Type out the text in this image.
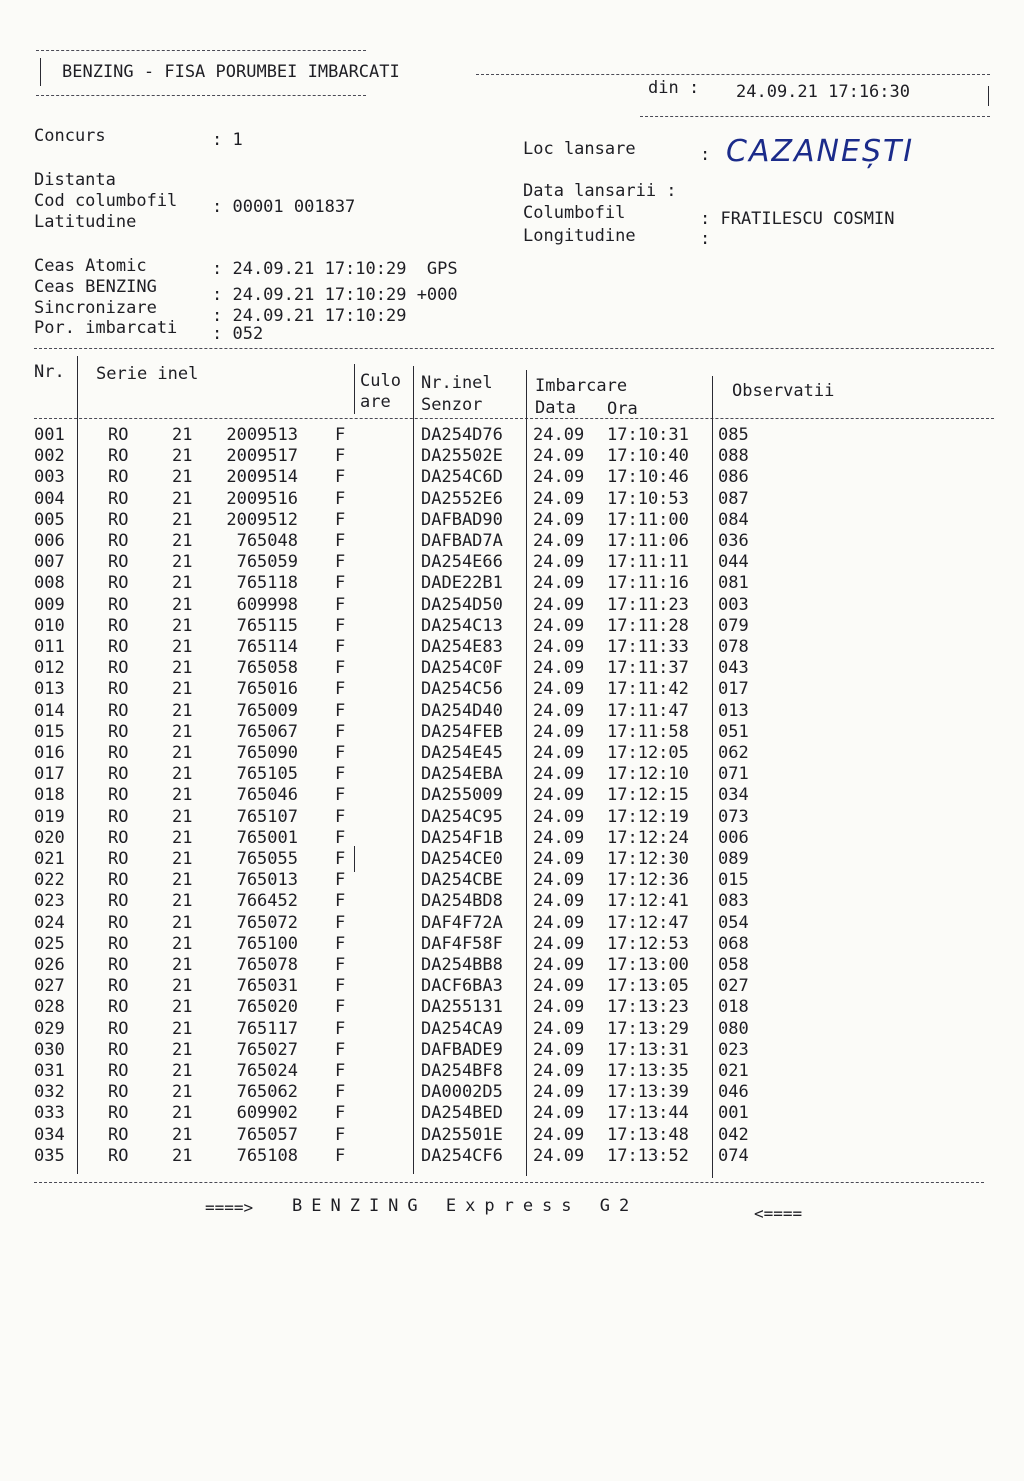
BENZING - FISA PORUMBEI IMBARCATI
din : 24.09.21 17:16:30
Concurs	: 1
Distanta
Cod columbofil : 00001 001837
Latitudine
Loc lansare	: CAZANEȘTI
Data lansarii :
Columbofil	: FRATILESCU COSMIN
Longitudine	:
Ceas Atomic	: 24.09.21 17:10:29  GPS
Ceas BENZING	: 24.09.21 17:10:29 +000
Sincronizare	: 24.09.21 17:10:29
Por. imbarcati : 052
Nr. Serie inel	Culo
are
Nr.inel
Senzor
Imbarcare
Data Ora
Observatii
001	RO	21	2009513 F	DA254D76 24.09 17:10:31 085
002	RO	21	2009517 F	DA25502E 24.09 17:10:40 088
003	RO	21	2009514 F	DA254C6D 24.09 17:10:46 086
004	RO	21	2009516 F	DA2552E6 24.09 17:10:53 087
005	RO	21	2009512 F	DAFBAD90 24.09 17:11:00 084
006	RO	21	765048 F	DAFBAD7A 24.09 17:11:06 036
007	RO	21	765059 F	DA254E66 24.09 17:11:11 044
008	RO	21	765118 F	DADE22B1 24.09 17:11:16 081
009	RO	21	609998 F	DA254D50 24.09 17:11:23 003
010	RO	21	765115 F	DA254C13 24.09 17:11:28 079
011	RO	21	765114 F	DA254E83 24.09 17:11:33 078
012	RO	21	765058 F	DA254C0F 24.09 17:11:37 043
013	RO	21	765016 F	DA254C56 24.09 17:11:42 017
014	RO	21	765009 F	DA254D40 24.09 17:11:47 013
015	RO	21	765067 F	DA254FEB 24.09 17:11:58 051
016	RO	21	765090 F	DA254E45 24.09 17:12:05 062
017	RO	21	765105 F	DA254EBA 24.09 17:12:10 071
018	RO	21	765046 F	DA255009 24.09 17:12:15 034
019	RO	21	765107 F	DA254C95 24.09 17:12:19 073
020	RO	21	765001 F	DA254F1B 24.09 17:12:24 006
021	RO	21	765055 F	DA254CE0 24.09 17:12:30 089
022	RO	21	765013 F	DA254CBE 24.09 17:12:36 015
023	RO	21	766452 F	DA254BD8 24.09 17:12:41 083
024	RO	21	765072 F	DAF4F72A 24.09 17:12:47 054
025	RO	21	765100 F	DAF4F58F 24.09 17:12:53 068
026	RO	21	765078 F	DA254BB8 24.09 17:13:00 058
027	RO	21	765031 F	DACF6BA3 24.09 17:13:05 027
028	RO	21	765020 F	DA255131 24.09 17:13:23 018
029	RO	21	765117 F	DA254CA9 24.09 17:13:29 080
030	RO	21	765027 F	DAFBADE9 24.09 17:13:31 023
031	RO	21	765024 F	DA254BF8 24.09 17:13:35 021
032	RO	21	765062 F	DA0002D5 24.09 17:13:39 046
033	RO	21	609902 F	DA254BED 24.09 17:13:44 001
034	RO	21	765057 F	DA25501E 24.09 17:13:48 042
035	RO	21	765108 F	DA254CF6 24.09 17:13:52 074
====> BENZING Express G2	<====
